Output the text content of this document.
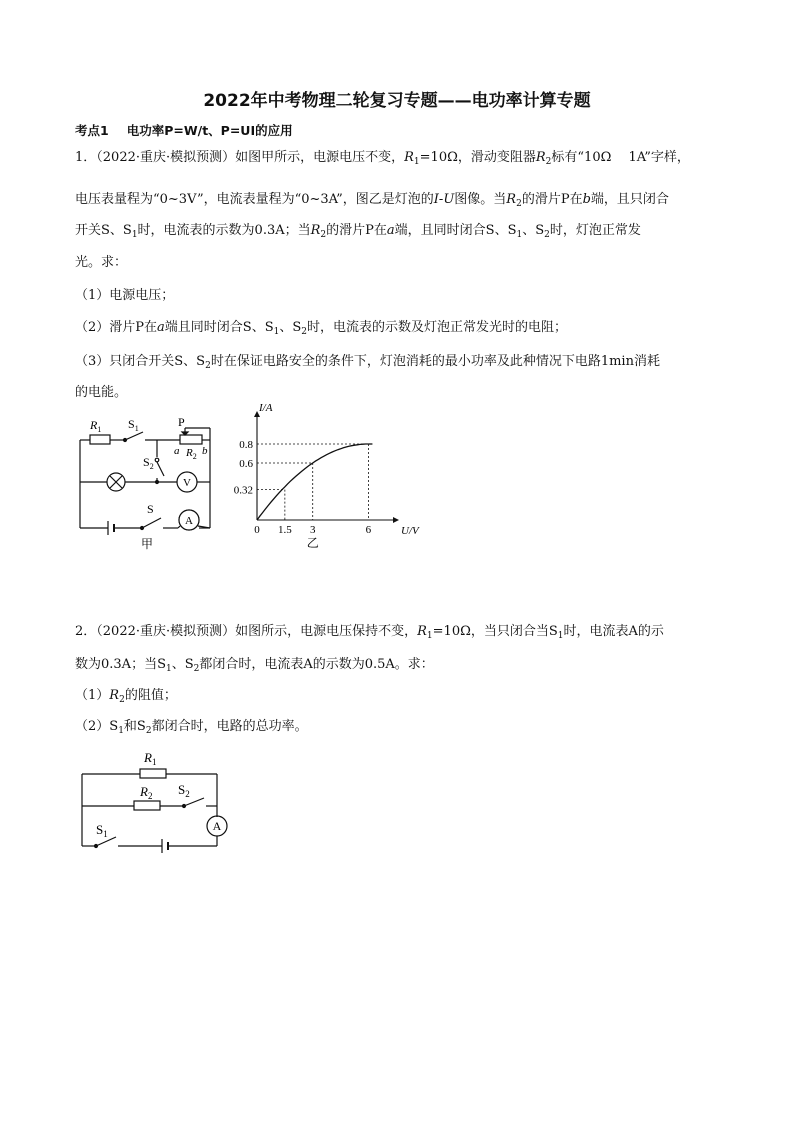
2022年中考物理二轮复习专题——电功率计算专题
考点1 电功率P=W/t、P=UI的应用
1．（2022·重庆·模拟预测）如图甲所示，电源电压不变，$R_1=10\Omega$，滑动变阻器$R_2$标有“10Ω　 1A”字样，
电压表量程为“0~3V”，电流表量程为“0~3A”，图乙是灯泡的I-U图像。当$R_2$的滑片P在b端，且只闭合
开关S、$S_1$时，电流表的示数为0.3A；当$R_2$的滑片P在a端，且同时闭合S、$S_1$、$S_2$时，灯泡正常发
光。求：
（1）电源电压；
（2）滑片P在a端且同时闭合S、$S_1$、$S_2$时，电流表的示数及灯泡正常发光时的电阻；
（3）只闭合开关S、$S_2$时在保证电路安全的条件下，灯泡消耗的最小功率及此种情况下电路1min消耗
的电能。
$R_1$ $S_1$	P
a $R_2$ b
$S_2$
S
V
A
甲
0 1.5 3	6
0.8
0.6
0.32
I/A
U/V
乙
2．（2022·重庆·模拟预测）如图所示，电源电压保持不变，$R_1=10\Omega$，当只闭合当$S_1$时，电流表A的示
数为0.3A；当$S_1$、$S_2$都闭合时，电流表A的示数为0.5A。求：
$(1)R_2$的阻值；
$(2)S_1$和$S_2$都闭合时，电路的总功率。
$R_1$
$R_2$ $S_2$
$S_1$
A
